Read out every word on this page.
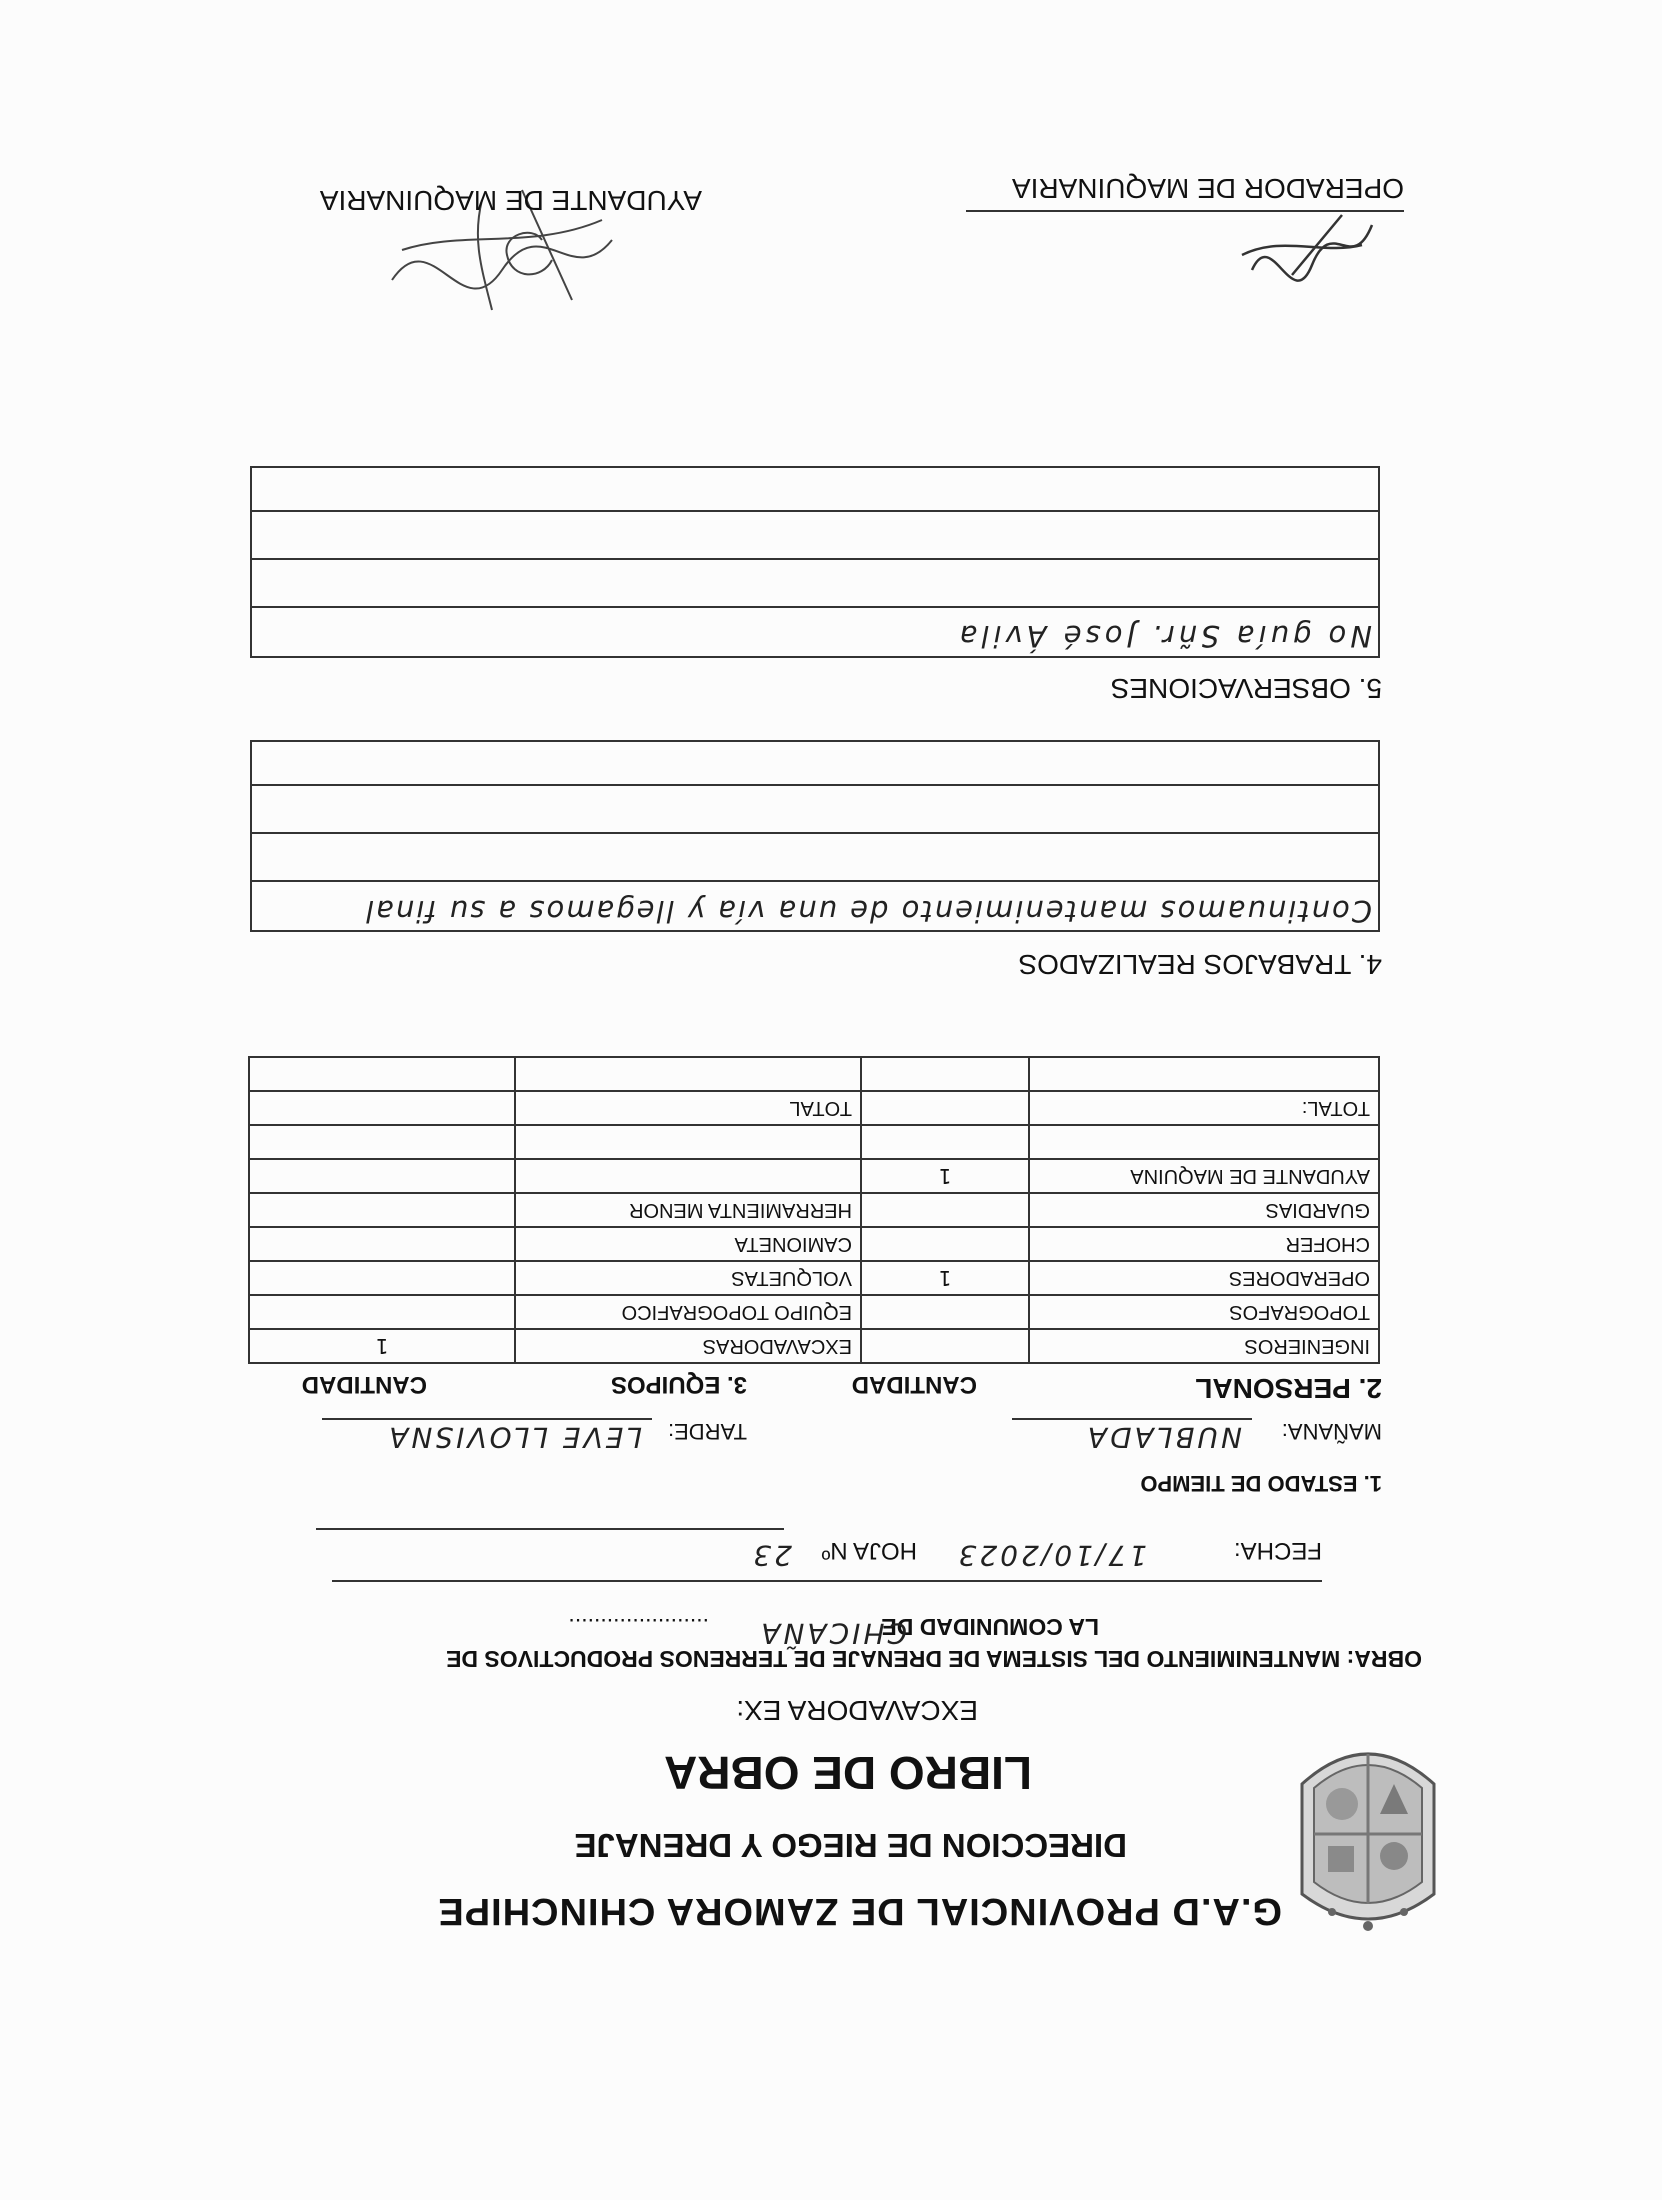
G.A.D PROVINCIAL DE ZAMORA CHINCHIPE
DIRECCION DE RIEGO Y DRENAJE
LIBRO DE OBRA
EXCAVADORA EX:
OBRA: MANTENIMIENTO DEL SISTEMA DE DRENAJE DE TERRENOS PRODUCTIVOS DE
LA COMUNIDAD DE
CHICAÑA
......................
FECHA:
17/10/2023
HOJA Nº
23
1. ESTADO DE TIEMPO
MAÑANA:
NUBLADA
TARDE:
LEVE LLOVISNA
2. PERSONAL
CANTIDAD
3. EQUIPOS
CANTIDAD
INGENIEROS		EXCAVADORAS	1
TOPOGRAFOS		EQUIPO TOPOGRAFICO	
OPERADORES	1	VOLQUETAS	
CHOFER		CAMIONETA	
GUARDIAS		HERRAMIENTA MENOR	
AYUDANTE DE MAQUINA	1		

TOTAL:		TOTAL	

4. TRABAJOS REALIZADOS
Continuamos mantenimiento de una vía y llegamos a su final
5. OBSERVACIONES
No guía Sñr. José Ávila
OPERADOR DE MAQUINARIA
AYUDANTE DE MAQUINARIA
